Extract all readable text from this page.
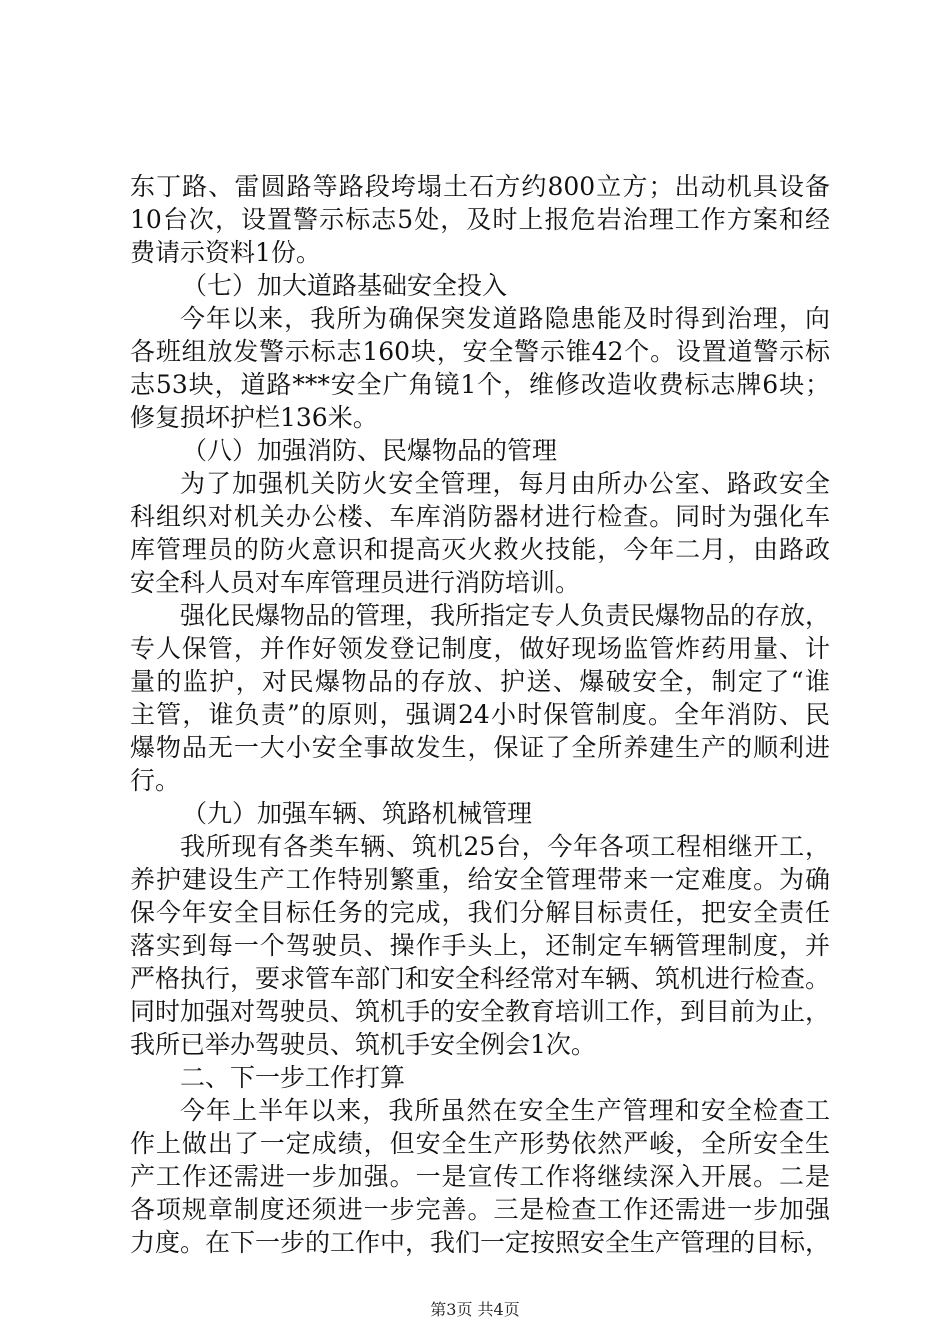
东丁路、雷圆路等路段垮塌土石方约800立方；出动机具设备
10台次，设置警示标志5处，及时上报危岩治理工作方案和经
费请示资料1份。
（七）加大道路基础安全投入
今年以来，我所为确保突发道路隐患能及时得到治理，向
各班组放发警示标志160块，安全警示锥42个。设置道警示标
志53块，道路***安全广角镜1个，维修改造收费标志牌6块；
修复损坏护栏136米。
（八）加强消防、民爆物品的管理
为了加强机关防火安全管理，每月由所办公室、路政安全
科组织对机关办公楼、车库消防器材进行检查。同时为强化车
库管理员的防火意识和提高灭火救火技能，今年二月，由路政
安全科人员对车库管理员进行消防培训。
强化民爆物品的管理，我所指定专人负责民爆物品的存放，
专人保管，并作好领发登记制度，做好现场监管炸药用量、计
量的监护，对民爆物品的存放、护送、爆破安全，制定了“谁
主管，谁负责”的原则，强调24小时保管制度。全年消防、民
爆物品无一大小安全事故发生，保证了全所养建生产的顺利进
行。
（九）加强车辆、筑路机械管理
我所现有各类车辆、筑机25台，今年各项工程相继开工，
养护建设生产工作特别繁重，给安全管理带来一定难度。为确
保今年安全目标任务的完成，我们分解目标责任，把安全责任
落实到每一个驾驶员、操作手头上，还制定车辆管理制度，并
严格执行，要求管车部门和安全科经常对车辆、筑机进行检查。
同时加强对驾驶员、筑机手的安全教育培训工作，到目前为止，
我所已举办驾驶员、筑机手安全例会1次。
二、下一步工作打算
今年上半年以来，我所虽然在安全生产管理和安全检查工
作上做出了一定成绩，但安全生产形势依然严峻，全所安全生
产工作还需进一步加强。一是宣传工作将继续深入开展。二是
各项规章制度还须进一步完善。三是检查工作还需进一步加强
力度。在下一步的工作中，我们一定按照安全生产管理的目标，
第3页 共4页
